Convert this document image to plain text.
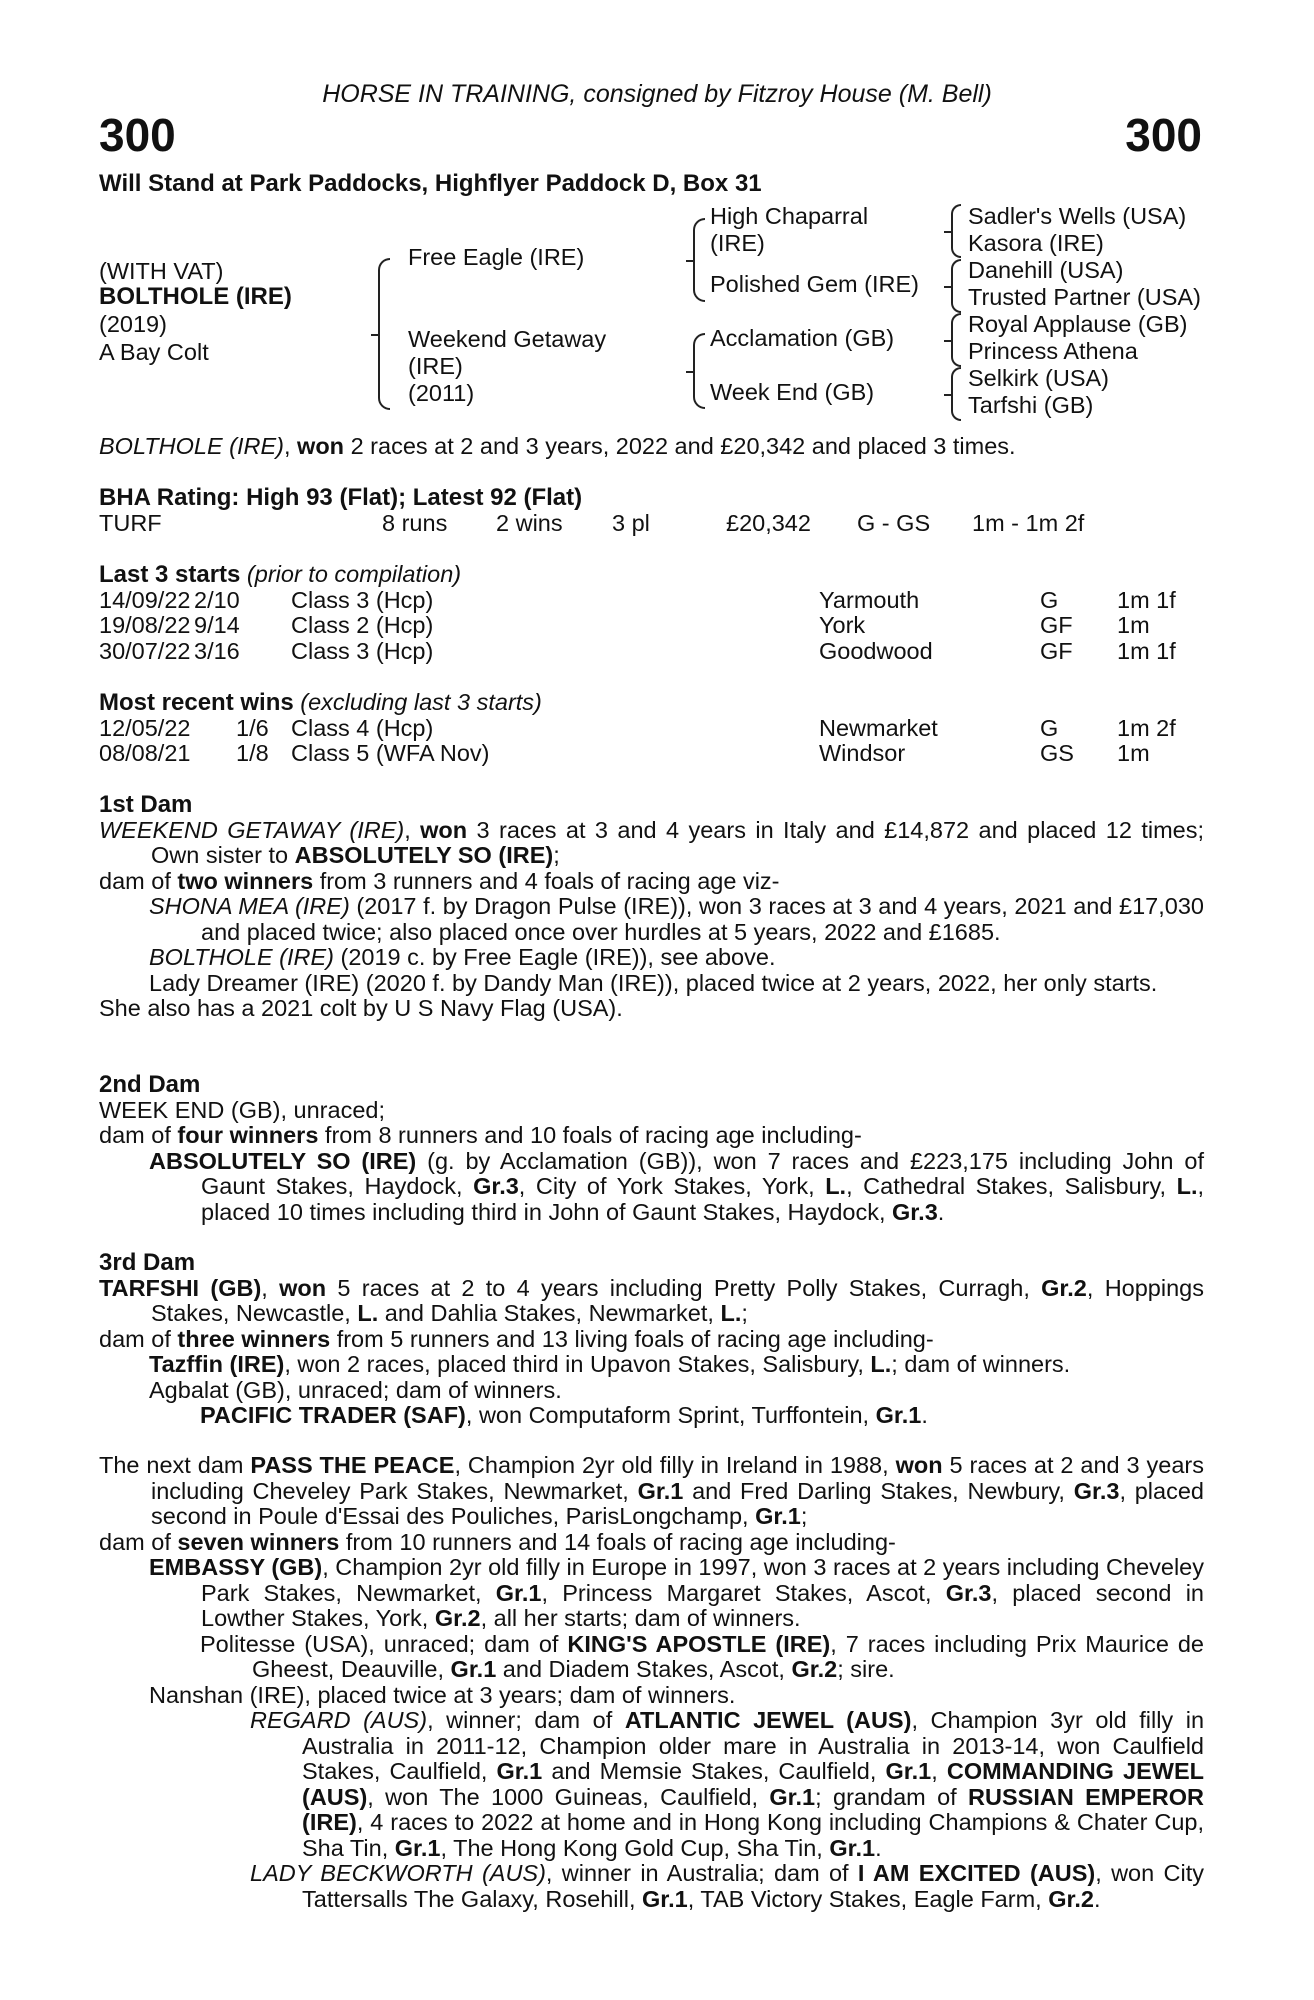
HORSE IN TRAINING, consigned by Fitzroy House (M. Bell)
300	300
Will Stand at Park Paddocks, Highflyer Paddock D, Box 31
(WITH VAT)
BOLTHOLE (IRE)
(2019)
A Bay Colt
Free Eagle (IRE)
Weekend Getaway
(IRE)
(2011)
High Chaparral
(IRE)
Polished Gem (IRE)
Acclamation (GB)
Week End (GB)
Sadler's Wells (USA)
Kasora (IRE)
Danehill (USA)
Trusted Partner (USA)
Royal Applause (GB)
Princess Athena
Selkirk (USA)
Tarfshi (GB)
BOLTHOLE (IRE), won 2 races at 2 and 3 years, 2022 and £20,342 and placed 3 times.
BHA Rating: High 93 (Flat); Latest 92 (Flat)
TURF	8 runs 2 wins 3 pl	£20,342 G - GS 1m - 1m 2f
Last 3 starts (prior to compilation)
14/09/22 2/10 Class 3 (Hcp)	Yarmouth	G 1m 1f
19/08/22 9/14 Class 2 (Hcp)	York	GF 1m
30/07/22 3/16 Class 3 (Hcp)	Goodwood	GF 1m 1f
Most recent wins (excluding last 3 starts)
12/05/22 1/6 Class 4 (Hcp)	Newmarket	G 1m 2f
08/08/21 1/8 Class 5 (WFA Nov)	Windsor	GS 1m
1st Dam

WEEKEND GETAWAY (IRE), won 3 races at 3 and 4 years in Italy and £14,872 and placed 12 times; Own sister to ABSOLUTELY SO (IRE);

dam of two winners from 3 runners and 4 foals of racing age viz-

SHONA MEA (IRE) (2017 f. by Dragon Pulse (IRE)), won 3 races at 3 and 4 years, 2021 and £17,030 and placed twice; also placed once over hurdles at 5 years, 2022 and £1685.

BOLTHOLE (IRE) (2019 c. by Free Eagle (IRE)), see above.

Lady Dreamer (IRE) (2020 f. by Dandy Man (IRE)), placed twice at 2 years, 2022, her only starts.

She also has a 2021 colt by U S Navy Flag (USA).

2nd Dam

WEEK END (GB), unraced;

dam of four winners from 8 runners and 10 foals of racing age including-

ABSOLUTELY SO (IRE) (g. by Acclamation (GB)), won 7 races and £223,175 including John of Gaunt Stakes, Haydock, Gr.3, City of York Stakes, York, L., Cathedral Stakes, Salisbury, L., placed 10 times including third in John of Gaunt Stakes, Haydock, Gr.3.

3rd Dam

TARFSHI (GB), won 5 races at 2 to 4 years including Pretty Polly Stakes, Curragh, Gr.2, Hoppings Stakes, Newcastle, L. and Dahlia Stakes, Newmarket, L.;

dam of three winners from 5 runners and 13 living foals of racing age including-

Tazffin (IRE), won 2 races, placed third in Upavon Stakes, Salisbury, L.; dam of winners.

Agbalat (GB), unraced; dam of winners.

PACIFIC TRADER (SAF), won Computaform Sprint, Turffontein, Gr.1.

The next dam PASS THE PEACE, Champion 2yr old filly in Ireland in 1988, won 5 races at 2 and 3 years including Cheveley Park Stakes, Newmarket, Gr.1 and Fred Darling Stakes, Newbury, Gr.3, placed second in Poule d'Essai des Pouliches, ParisLongchamp, Gr.1;

dam of seven winners from 10 runners and 14 foals of racing age including-

EMBASSY (GB), Champion 2yr old filly in Europe in 1997, won 3 races at 2 years including Cheveley Park Stakes, Newmarket, Gr.1, Princess Margaret Stakes, Ascot, Gr.3, placed second in Lowther Stakes, York, Gr.2, all her starts; dam of winners.

Politesse (USA), unraced; dam of KING'S APOSTLE (IRE), 7 races including Prix Maurice de Gheest, Deauville, Gr.1 and Diadem Stakes, Ascot, Gr.2; sire.

Nanshan (IRE), placed twice at 3 years; dam of winners.

REGARD (AUS), winner; dam of ATLANTIC JEWEL (AUS), Champion 3yr old filly in Australia in 2011-12, Champion older mare in Australia in 2013-14, won Caulfield Stakes, Caulfield, Gr.1 and Memsie Stakes, Caulfield, Gr.1, COMMANDING JEWEL (AUS), won The 1000 Guineas, Caulfield, Gr.1; grandam of RUSSIAN EMPEROR (IRE), 4 races to 2022 at home and in Hong Kong including Champions & Chater Cup, Sha Tin, Gr.1, The Hong Kong Gold Cup, Sha Tin, Gr.1.

LADY BECKWORTH (AUS), winner in Australia; dam of I AM EXCITED (AUS), won City Tattersalls The Galaxy, Rosehill, Gr.1, TAB Victory Stakes, Eagle Farm, Gr.2.
